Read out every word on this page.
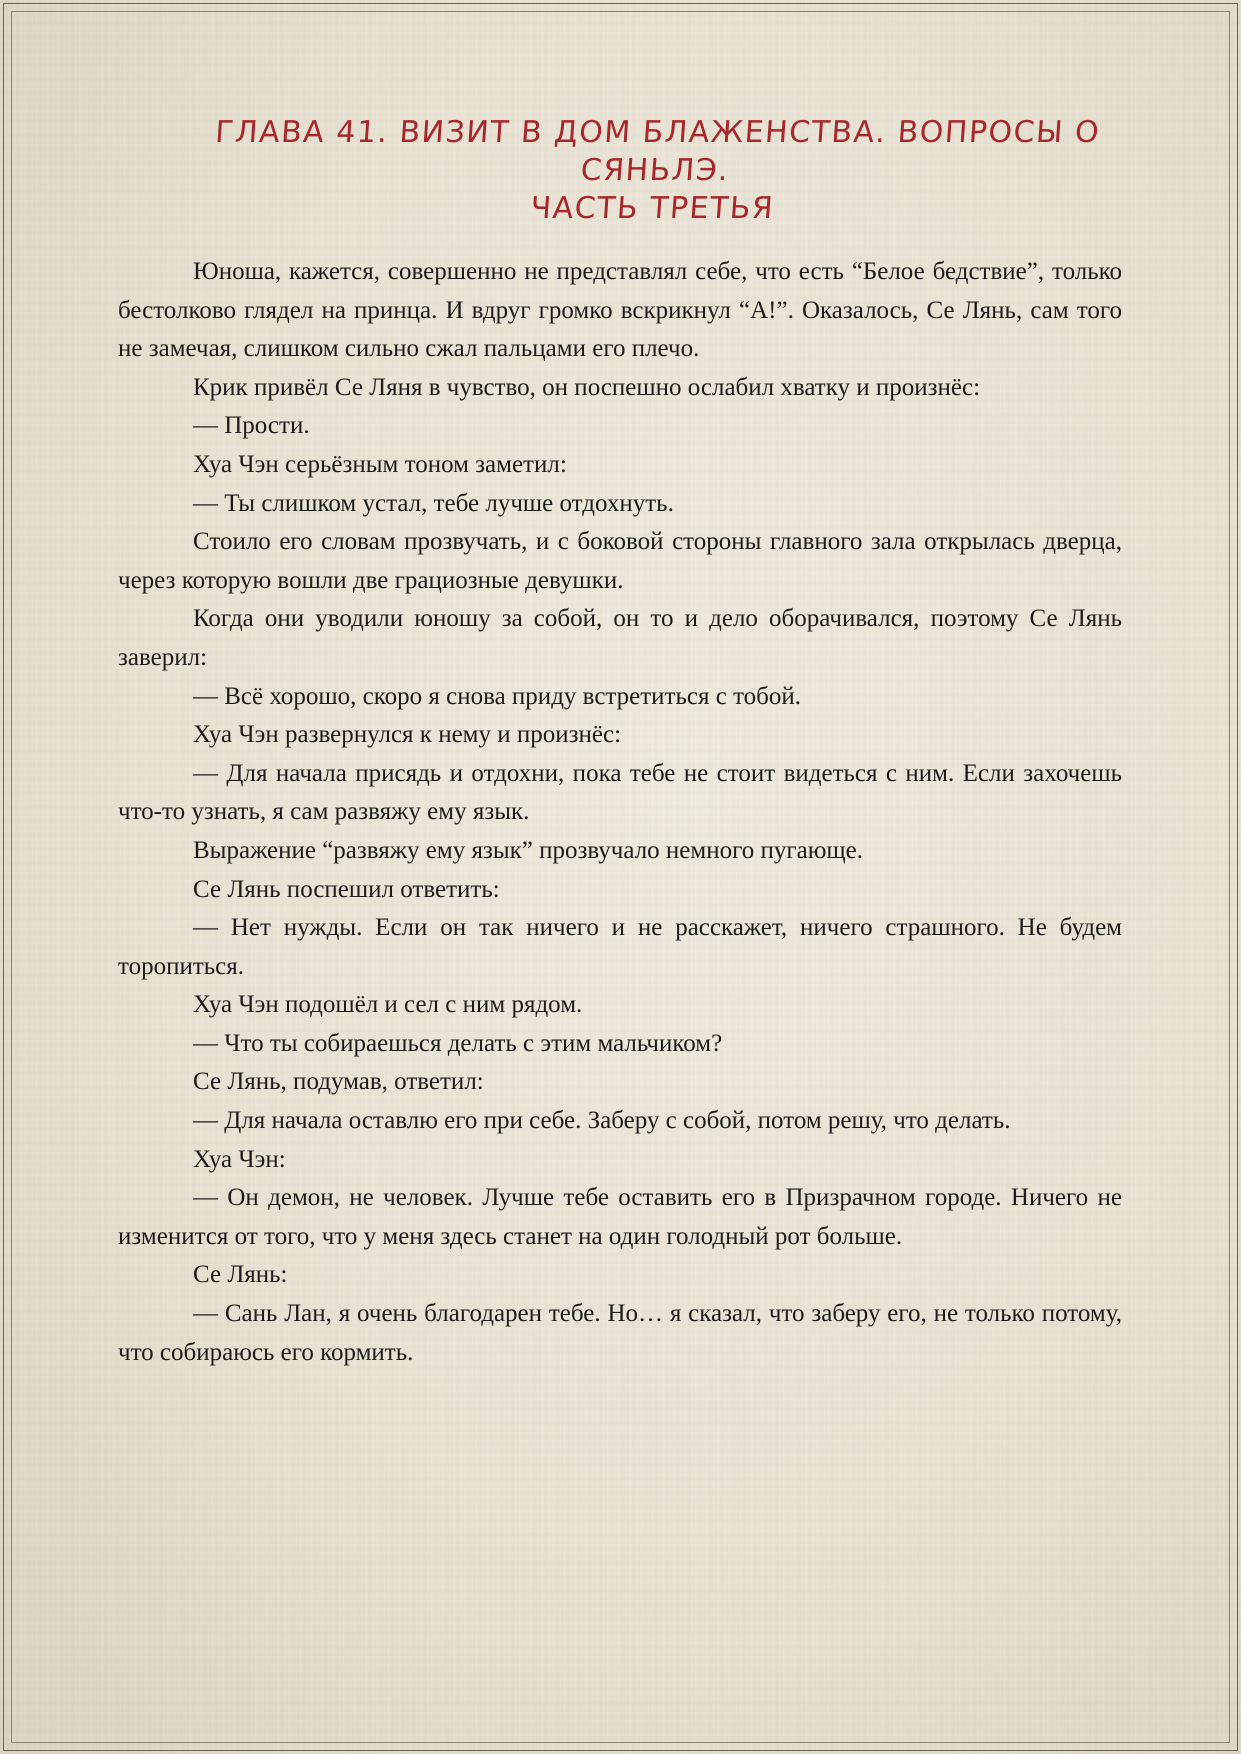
ГЛАВА 41. ВИЗИТ В ДОМ БЛАЖЕНСТВА. ВОПРОСЫ О СЯНЬЛЭ.
ЧАСТЬ ТРЕТЬЯ

Юноша, кажется, совершенно не представлял себе, что есть “Белое бедствие”, только бестолково глядел на принца. И вдруг громко вскрикнул “А!”. Оказалось, Се Лянь, сам того не замечая, слишком сильно сжал пальцами его плечо.

Крик привёл Се Ляня в чувство, он поспешно ослабил хватку и произнёс:

— Прости.

Хуа Чэн серьёзным тоном заметил:

— Ты слишком устал, тебе лучше отдохнуть.

Стоило его словам прозвучать, и с боковой стороны главного зала открылась дверца, через которую вошли две грациозные девушки.

Когда они уводили юношу за собой, он то и дело оборачивался, поэтому Се Лянь заверил:

— Всё хорошо, скоро я снова приду встретиться с тобой.

Хуа Чэн развернулся к нему и произнёс:

— Для начала присядь и отдохни, пока тебе не стоит видеться с ним. Если захочешь что-то узнать, я сам развяжу ему язык.

Выражение “развяжу ему язык” прозвучало немного пугающе.

Се Лянь поспешил ответить:

— Нет нужды. Если он так ничего и не расскажет, ничего страшного. Не будем торопиться.

Хуа Чэн подошёл и сел с ним рядом.

— Что ты собираешься делать с этим мальчиком?

Се Лянь, подумав, ответил:

— Для начала оставлю его при себе. Заберу с собой, потом решу, что делать.

Хуа Чэн:

— Он демон, не человек. Лучше тебе оставить его в Призрачном городе. Ничего не изменится от того, что у меня здесь станет на один голодный рот больше.

Се Лянь:

— Сань Лан, я очень благодарен тебе. Но… я сказал, что заберу его, не только потому, что собираюсь его кормить.
